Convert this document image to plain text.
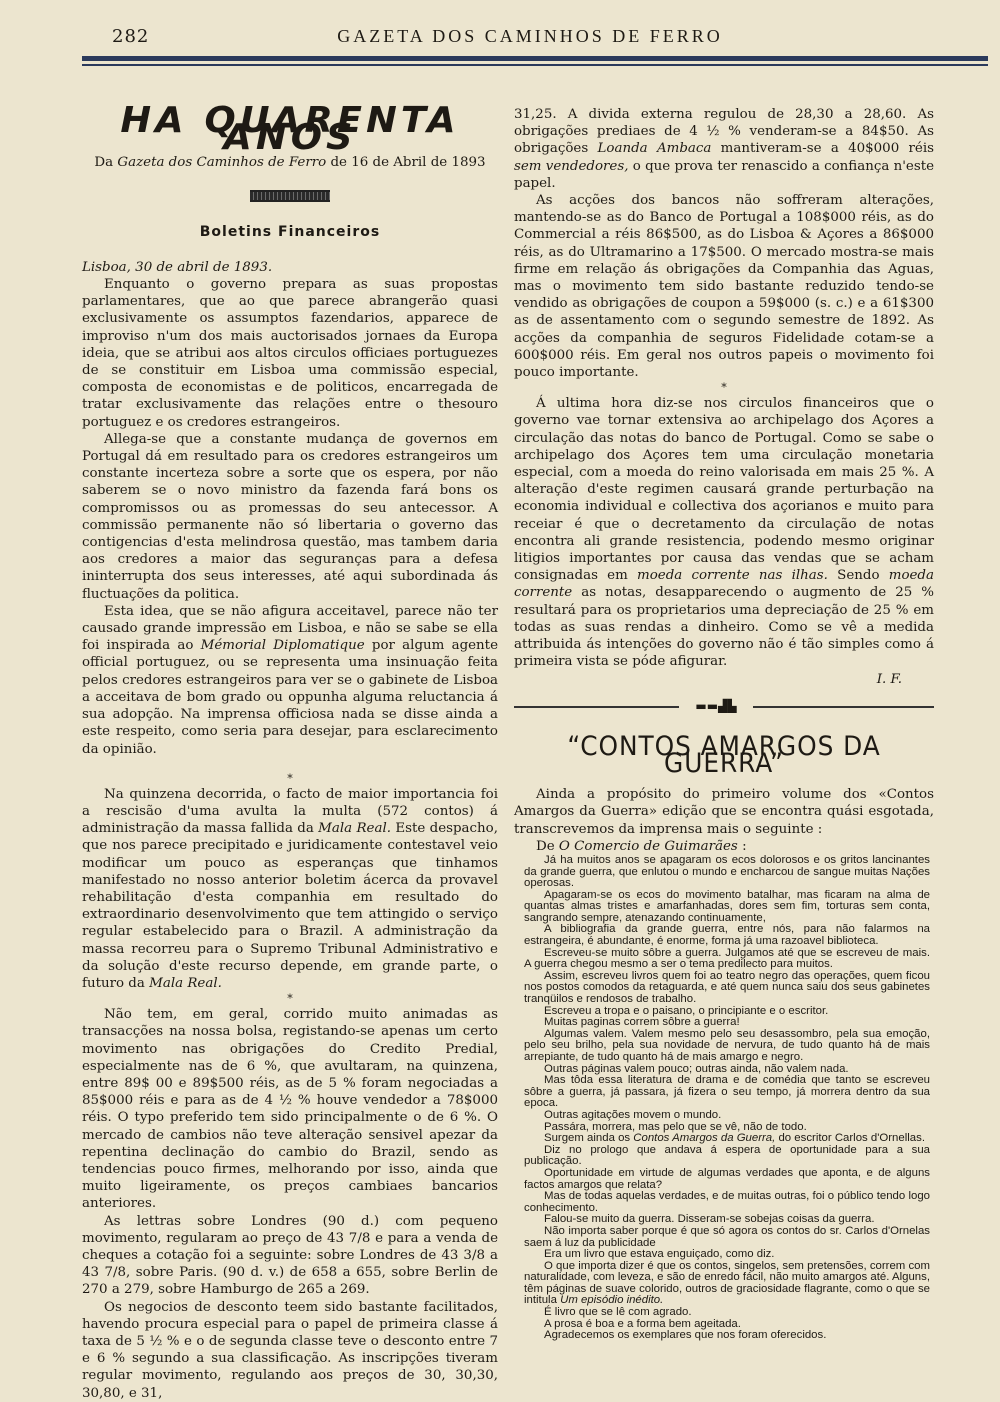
282	GAZETA DOS CAMINHOS DE FERRO
HA QUARENTA ANOS
Da Gazeta dos Caminhos de Ferro de 16 de Abril de 1893
Boletins Financeiros

Lisboa, 30 de abril de 1893.

Enquanto o governo prepara as suas propostas parlamentares, que ao que parece abrangerão quasi exclusivamente os assumptos fazendarios, apparece de improviso n'um dos mais auctorisados jornaes da Europa ideia, que se atribui aos altos circulos officiaes portuguezes de se constituir em Lisboa uma commissão especial, composta de economistas e de politicos, encarregada de tratar exclusivamente das relações entre o thesouro portuguez e os credores estrangeiros.

Allega-se que a constante mudança de governos em Portugal dá em resultado para os credores estrangeiros um constante incerteza sobre a sorte que os espera, por não saberem se o novo ministro da fazenda fará bons os compromissos ou as promessas do seu antecessor. A commissão permanente não só libertaria o governo das contigencias d'esta melindrosa questão, mas tambem daria aos credores a maior das seguranças para a defesa ininterrupta dos seus interesses, até aqui subordinada ás fluctuações da politica.

Esta idea, que se não afigura acceitavel, parece não ter causado grande impressão em Lisboa, e não se sabe se ella foi inspirada ao Mémorial Diplomatique por algum agente official portuguez, ou se representa uma insinuação feita pelos credores estrangeiros para ver se o gabinete de Lisboa a acceitava de bom grado ou oppunha alguma reluctancia á sua adopção. Na imprensa officiosa nada se disse ainda a este respeito, como seria para desejar, para esclarecimento da opinião.

*

Na quinzena decorrida, o facto de maior importancia foi a rescisão d'uma avulta la multa (572 contos) á administração da massa fallida da Mala Real. Este despacho, que nos parece precipitado e juridicamente contestavel veio modificar um pouco as esperanças que tinhamos manifestado no nosso anterior boletim ácerca da provavel rehabilitação d'esta companhia em resultado do extraordinario desenvolvimento que tem attingido o serviço regular estabelecido para o Brazil. A administração da massa recorreu para o Supremo Tribunal Administrativo e da solução d'este recurso depende, em grande parte, o futuro da Mala Real.

*

Não tem, em geral, corrido muito animadas as transacções na nossa bolsa, registando-se apenas um certo movimento nas obrigações do Credito Predial, especialmente nas de 6 %, que avultaram, na quinzena, entre 89$ 00 e 89$500 réis, as de 5 % foram negociadas a 85$000 réis e para as de 4 ½ % houve vendedor a 78$000 réis. O typo preferido tem sido principalmente o de 6 %. O mercado de cambios não teve alteração sensivel apezar da repentina declinação do cambio do Brazil, sendo as tendencias pouco firmes, melhorando por isso, ainda que muito ligeiramente, os preços cambiaes bancarios anteriores.

As lettras sobre Londres (90 d.) com pequeno movimento, regularam ao preço de 43 7/8 e para a venda de cheques a cotação foi a seguinte: sobre Londres de 43 3/8 a 43 7/8, sobre Paris. (90 d. v.) de 658 a 655, sobre Berlin de 270 a 279, sobre Hamburgo de 265 a 269.

Os negocios de desconto teem sido bastante facilitados, havendo procura especial para o papel de primeira classe á taxa de 5 ½ % e o de segunda classe teve o desconto entre 7 e 6 % segundo a sua classificação. As inscripções tiveram regular movimento, regulando aos preços de 30, 30,30, 30,80, e 31,

31,25. A divida externa regulou de 28,30 a 28,60. As obrigações prediaes de 4 ½ % venderam-se a 84$50. As obrigações Loanda Ambaca mantiveram-se a 40$000 réis sem vendedores, o que prova ter renascido a confiança n'este papel.

As acções dos bancos não soffreram alterações, mantendo-se as do Banco de Portugal a 108$000 réis, as do Commercial a réis 86$500, as do Lisboa & Açores a 86$000 réis, as do Ultramarino a 17$500. O mercado mostra-se mais firme em relação ás obrigações da Companhia das Aguas, mas o movimento tem sido bastante reduzido tendo-se vendido as obrigações de coupon a 59$000 (s. c.) e a 61$300 as de assentamento com o segundo semestre de 1892. As acções da companhia de seguros Fidelidade cotam-se a 600$000 réis. Em geral nos outros papeis o movimento foi pouco importante.

*

Á ultima hora diz-se nos circulos financeiros que o governo vae tornar extensiva ao archipelago dos Açores a circulação das notas do banco de Portugal. Como se sabe o archipelago dos Açores tem uma circulação monetaria especial, com a moeda do reino valorisada em mais 25 %. A alteração d'este regimen causará grande perturbação na economia individual e collectiva dos açorianos e muito para receiar é que o decretamento da circulação de notas encontra ali grande resistencia, podendo mesmo originar litigios importantes por causa das vendas que se acham consignadas em moeda corrente nas ilhas. Sendo moeda corrente as notas, desapparecendo o augmento de 25 % resultará para os proprietarios uma depreciação de 25 % em todas as suas rendas a dinheiro. Como se vê a medida attribuida ás intenções do governo não é tão simples como á primeira vista se póde afigurar.

I. F.

▬▬▟▙
“CONTOS AMARGOS DA GUERRA”

Ainda a propósito do primeiro volume dos «Contos Amargos da Guerra» edição que se encontra quási esgotada, transcrevemos da imprensa mais o seguinte :

De O Comercio de Guimarães :

Já ha muitos anos se apagaram os ecos dolorosos e os gritos lancinantes da grande guerra, que enlutou o mundo e encharcou de sangue muitas Nações operosas.

Apagaram-se os ecos do movimento batalhar, mas ficaram na alma de quantas almas tristes e amarfanhadas, dores sem fim, torturas sem conta, sangrando sempre, atenazando continuamente,

A bibliografia da grande guerra, entre nós, para não falarmos na estrangeira, é abundante, é enorme, forma já uma razoavel biblioteca.

Escreveu-se muito sôbre a guerra. Julgamos até que se escreveu de mais. A guerra chegou mesmo a ser o tema predilecto para muitos.

Assim, escreveu livros quem foi ao teatro negro das operações, quem ficou nos postos comodos da retaguarda, e até quem nunca saiu dos seus gabinetes tranqüilos e rendosos de trabalho.

Escreveu a tropa e o paisano, o principiante e o escritor.

Muitas paginas correm sôbre a guerra!

Algumas valem. Valem mesmo pelo seu desassombro, pela sua emoção, pelo seu brilho, pela sua novidade de nervura, de tudo quanto há de mais arrepiante, de tudo quanto há de mais amargo e negro.

Outras páginas valem pouco; outras ainda, não valem nada.

Mas tôda essa literatura de drama e de comédia que tanto se escreveu sôbre a guerra, já passara, já fizera o seu tempo, já morrera dentro da sua epoca.

Outras agitações movem o mundo.

Passára, morrera, mas pelo que se vê, não de todo.

Surgem ainda os Contos Amargos da Guerra, do escritor Carlos d'Ornellas.

Diz no prologo que andava á espera de oportunidade para a sua publicação.

Oportunidade em virtude de algumas verdades que aponta, e de alguns factos amargos que relata?

Mas de todas aquelas verdades, e de muitas outras, foi o público tendo logo conhecimento.

Falou-se muito da guerra. Disseram-se sobejas coisas da guerra.

Não importa saber porque é que só agora os contos do sr. Carlos d'Ornelas saem á luz da publicidade

Era um livro que estava enguiçado, como diz.

O que importa dizer é que os contos, singelos, sem pretensões, correm com naturalidade, com leveza, e são de enredo fácil, não muito amargos até. Alguns, têm páginas de suave colorido, outros de graciosidade flagrante, como o que se intitula Um episódio inédito.

É livro que se lê com agrado.

A prosa é boa e a forma bem ageitada.

Agradecemos os exemplares que nos foram oferecidos.
